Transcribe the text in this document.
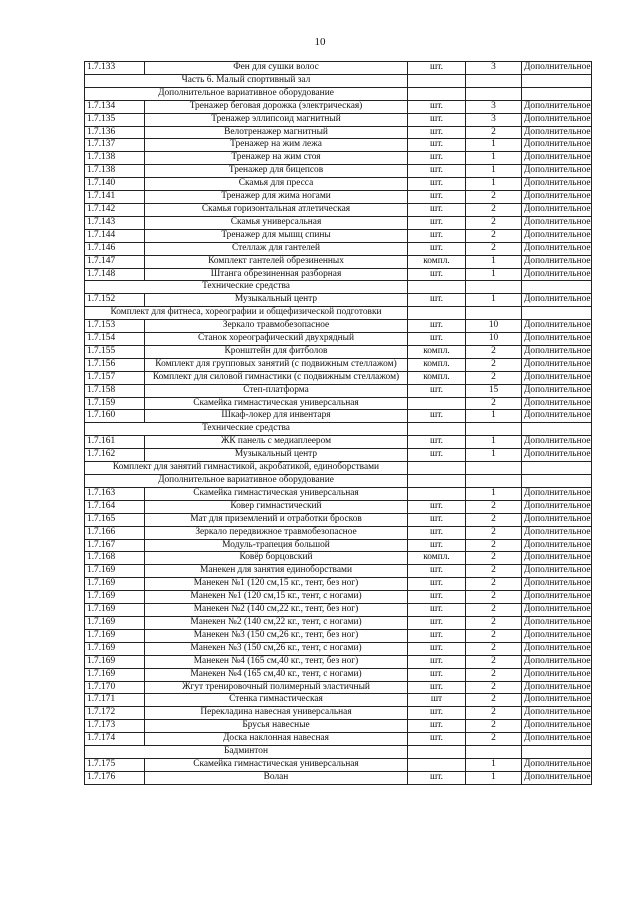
10
1.7.133	Фен для сушки волос	шт.	3	Дополнительное
Часть 6. Малый спортивный зал				
Дополнительное вариативное оборудование				
1.7.134	Тренажер беговая дорожка (электрическая)	шт.	3	Дополнительное
1.7.135	Тренажер эллипсоид магнитный	шт.	3	Дополнительное
1.7.136	Велотренажер магнитный	шт.	2	Дополнительное
1.7.137	Тренажер на жим лежа	шт.	1	Дополнительное
1.7.138	Тренажер на жим стоя	шт.	1	Дополнительное
1.7.138	Тренажер для бицепсов	шт.	1	Дополнительное
1.7.140	Скамья для пресса	шт.	1	Дополнительное
1.7.141	Тренажер для жима ногами	шт.	2	Дополнительное
1.7.142	Скамья горизонтальная атлетическая	шт.	2	Дополнительное
1.7.143	Скамья универсальная	шт.	2	Дополнительное
1.7.144	Тренажер для мышц спины	шт.	2	Дополнительное
1.7.146	Стеллаж для гантелей	шт.	2	Дополнительное
1.7.147	Комплект гантелей обрезиненных	компл.	1	Дополнительное
1.7.148	Штанга обрезиненная разборная	шт.	1	Дополнительное
Технические средства				
1.7.152	Музыкальный центр	шт.	1	Дополнительное
Комплект для фитнеса, хореографии и общефизической подготовки				
1.7.153	Зеркало травмобезопасное	шт.	10	Дополнительное
1.7.154	Станок хореографический двухрядный	шт.	10	Дополнительное
1.7.155	Кронштейн для фитболов	компл.	2	Дополнительное
1.7.156	Комплект для групповых занятий (с подвижным стеллажом)	компл.	2	Дополнительное
1.7.157	Комплект для силовой гимнастики (с подвижным стеллажом)	компл.	2	Дополнительное
1.7.158	Степ-платформа	шт.	15	Дополнительное
1.7.159	Скамейка гимнастическая универсальная		2	Дополнительное
1.7.160	Шкаф-локер для инвентаря	шт.	1	Дополнительное
Технические средства				
1.7.161	ЖК панель с медиаплеером	шт.	1	Дополнительное
1.7.162	Музыкальный центр	шт.	1	Дополнительное
Комплект для занятий гимнастикой, акробатикой, единоборствами				
Дополнительное вариативное оборудование				
1.7.163	Скамейка гимнастическая универсальная		1	Дополнительное
1.7.164	Ковер гимнастический	шт.	2	Дополнительное
1.7.165	Мат для приземлений и отработки бросков	шт.	2	Дополнительное
1.7.166	Зеркало передвижное травмобезопасное	шт.	2	Дополнительное
1.7.167	Модуль-трапеция большой	шт.	2	Дополнительное
1.7.168	Ковёр борцовский	компл.	2	Дополнительное
1.7.169	Манекен для занятия единоборствами	шт.	2	Дополнительное
1.7.169	Манекен №1 (120 см,15 кг., тент, без ног)	шт.	2	Дополнительное
1.7.169	Манекен №1 (120 см,15 кг., тент, с ногами)	шт.	2	Дополнительное
1.7.169	Манекен №2 (140 см,22 кг., тент, без ног)	шт.	2	Дополнительное
1.7.169	Манекен №2 (140 см,22 кг., тент, с ногами)	шт.	2	Дополнительное
1.7.169	Манекен №3 (150 см,26 кг., тент, без ног)	шт.	2	Дополнительное
1.7.169	Манекен №3 (150 см,26 кг., тент, с ногами)	шт.	2	Дополнительное
1.7.169	Манекен №4 (165 см,40 кг., тент, без ног)	шт.	2	Дополнительное
1.7.169	Манекен №4 (165 см,40 кг., тент, с ногами)	шт.	2	Дополнительное
1.7.170	Жгут тренировочный полимерный эластичный	шт.	2	Дополнительное
1.7.171	Стенка гимнастическая	шт	2	Дополнительное
1.7.172	Перекладина навесная универсальная	шт.	2	Дополнительное
1.7.173	Брусья навесные	шт.	2	Дополнительное
1.7.174	Доска наклонная навесная	шт.	2	Дополнительное
Бадминтон				
1.7.175	Скамейка гимнастическая универсальная		1	Дополнительное
1.7.176	Волан	шт.	1	Дополнительное
